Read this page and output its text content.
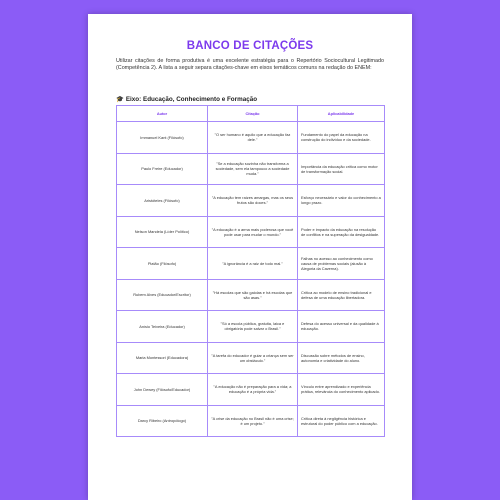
BANCO DE CITAÇÕES
Utilizar citações de forma produtiva é uma excelente estratégia para o Repertório Sociocultural Legitimado (Competência 2). A lista a seguir separa citações-chave em eixos temáticos comuns na redação do ENEM:
🎓 Eixo: Educação, Conhecimento e Formação
Autor	Citação	Aplicabilidade
Immanuel Kant (Filósofo)	"O ser humano é aquilo que a educação faz dele."	Fundamento do papel da educação na construção do indivíduo e da sociedade.
Paulo Freire (Educador)	"Se a educação sozinha não transforma a sociedade, sem ela tampouco a sociedade muda."	Importância da educação crítica como motor de transformação social.
Aristóteles (Filósofo)	"A educação tem raízes amargas, mas os seus frutos são doces."	Esforço necessário e valor do conhecimento a longo prazo.
Nelson Mandela (Líder Político)	"A educação é a arma mais poderosa que você pode usar para mudar o mundo."	Poder e impacto da educação na resolução de conflitos e na superação da desigualdade.
Platão (Filósofo)	"A ignorância é a raiz de todo mal."	Falhas no acesso ao conhecimento como causa de problemas sociais (alusão à Alegoria da Caverna).
Rubem Alves (Educador/Escritor)	"Há escolas que são gaiolas e há escolas que são asas."	Crítica ao modelo de ensino tradicional e defesa de uma educação libertadora.
Anísio Teixeira (Educador)	"Só a escola pública, gratuita, laica e obrigatória pode salvar o Brasil."	Defesa do acesso universal e da qualidade à educação.
Maria Montessori (Educadora)	"A tarefa do educador é guiar a criança sem ser um obstáculo."	Discussão sobre métodos de ensino, autonomia e criatividade do aluno.
John Dewey (Filósofo/Educador)	"A educação não é preparação para a vida; a educação é a própria vida."	Vínculo entre aprendizado e experiência prática, relevância do conhecimento aplicado.
Darcy Ribeiro (Antropólogo)	"A crise da educação no Brasil não é uma crise; é um projeto."	Crítica direta à negligência histórica e estrutural do poder público com a educação.
